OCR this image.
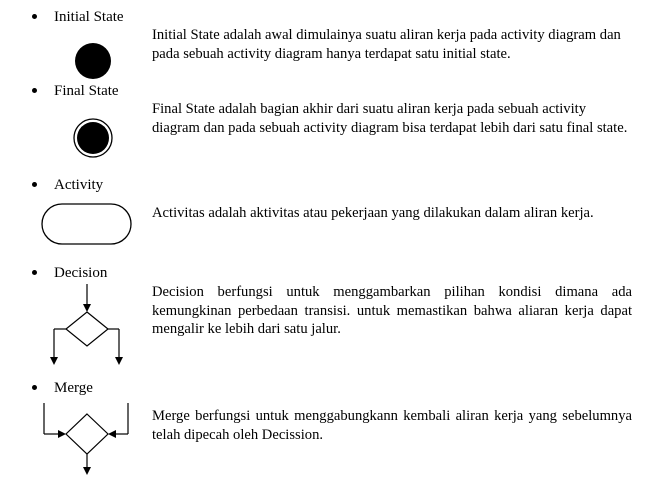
Initial State
Initial State adalah awal dimulainya suatu aliran kerja pada activity diagram dan pada sebuah activity diagram hanya terdapat satu initial state.
Final State
Final State adalah bagian akhir dari suatu aliran kerja pada sebuah activity diagram dan pada sebuah activity diagram bisa terdapat lebih dari satu final state.
Activity
Activitas adalah aktivitas atau pekerjaan yang dilakukan dalam aliran kerja.
Decision
Decision berfungsi untuk menggambarkan pilihan kondisi dimana ada kemungkinan perbedaan transisi. untuk memastikan bahwa aliaran kerja dapat mengalir ke lebih dari satu jalur.
Merge
Merge berfungsi untuk menggabungkann kembali aliran kerja yang sebelumnya telah dipecah oleh Decission.
